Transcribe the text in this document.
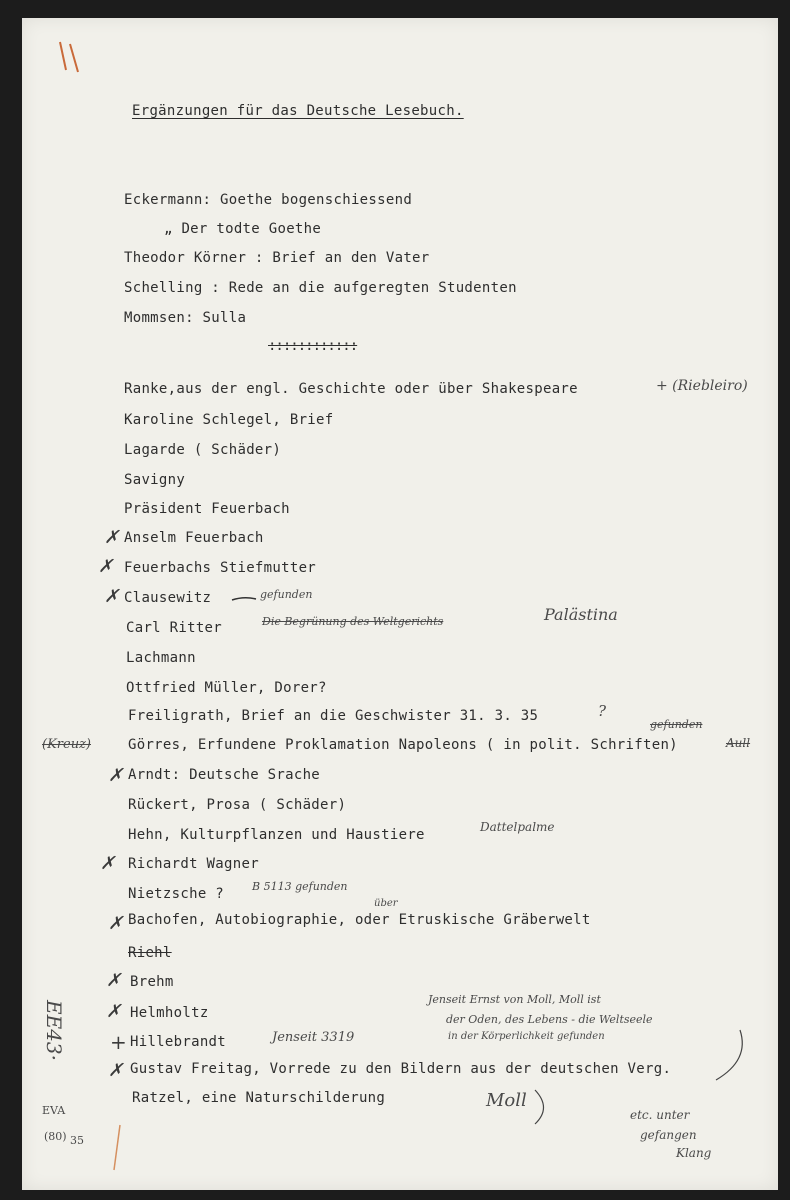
Ergänzungen für das Deutsche Lesebuch.
Eckermann: Goethe bogenschiessend
„ Der todte Goethe
Theodor Körner : Brief an den Vater
Schelling : Rede an die aufgeregten Studenten
Mommsen: Sulla
::::::::::::
Ranke,aus der engl. Geschichte oder über Shakespeare
Karoline Schlegel, Brief
Lagarde ( Schäder)
Savigny
Präsident Feuerbach
Anselm Feuerbach
Feuerbachs Stiefmutter
Clausewitz
Carl Ritter
Lachmann
Ottfried Müller, Dorer?
Freiligrath, Brief an die Geschwister 31. 3. 35
Görres, Erfundene Proklamation Napoleons ( in polit. Schriften)
Arndt: Deutsche Srache
Rückert, Prosa ( Schäder)
Hehn, Kulturpflanzen und Haustiere
Richardt Wagner
Nietzsche ?
Bachofen, Autobiographie, oder Etruskische Gräberwelt
Riehl
Brehm
Helmholtz
Hillebrandt
Gustav Freitag, Vorrede zu den Bildern aus der deutschen Verg.
Ratzel, eine Naturschilderung
✗
✗
✗
✗
✗
✗
✗
✗
+
✗
+ (Riebleiro)
gefunden
Die Begrünung des Weltgerichts	Palästina
?
(Kreuz)
gefunden
Aull
Dattelpalme
B 5113 gefunden
über
Jenseit 3319
Jenseit Ernst von Moll, Moll ist
der Oden, des Lebens - die Weltseele
in der Körperlichkeit gefunden
Moll
etc. unter
gefangen
Klang
EE43·
EVA
(80) 35
